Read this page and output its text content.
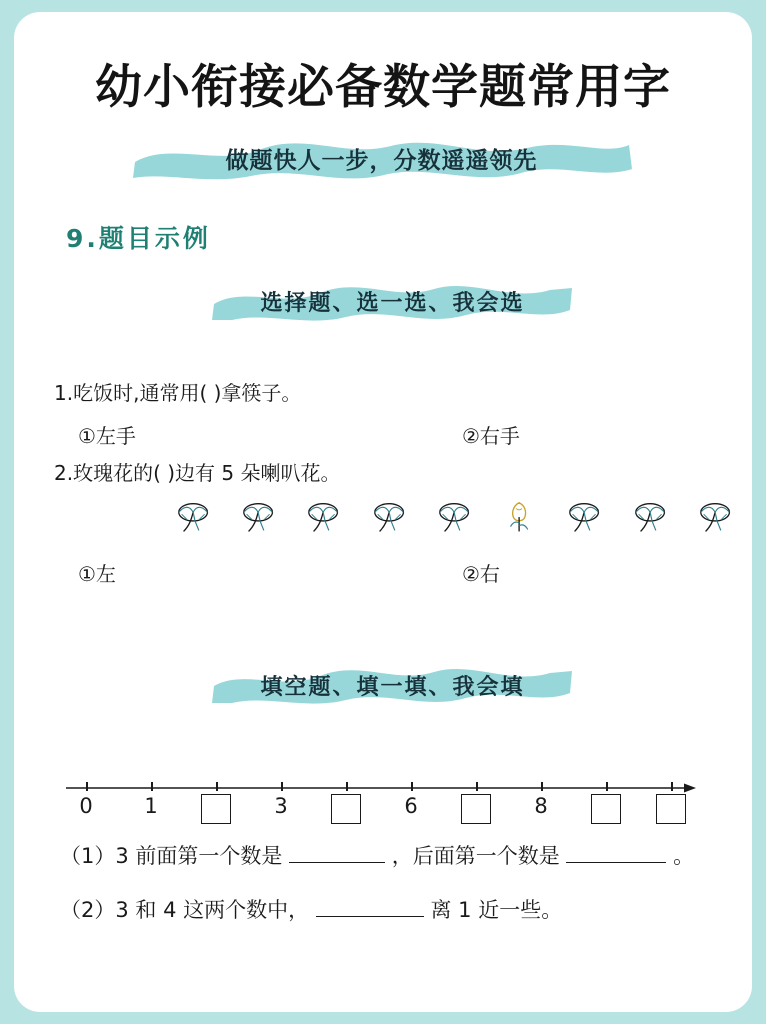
幼小衔接必备数学题常用字
做题快人一步，分数遥遥领先
9.题目示例
选择题、选一选、我会选
1.吃饭时,通常用( )拿筷子。
①左手	②右手
2.玫瑰花的( )边有 5 朵喇叭花。
①左	②右
填空题、填一填、我会填
0	1	3	6	8
（1）3 前面第一个数是	，后面第一个数是	。
（2）3 和 4 这两个数中，	离 1 近一些。
